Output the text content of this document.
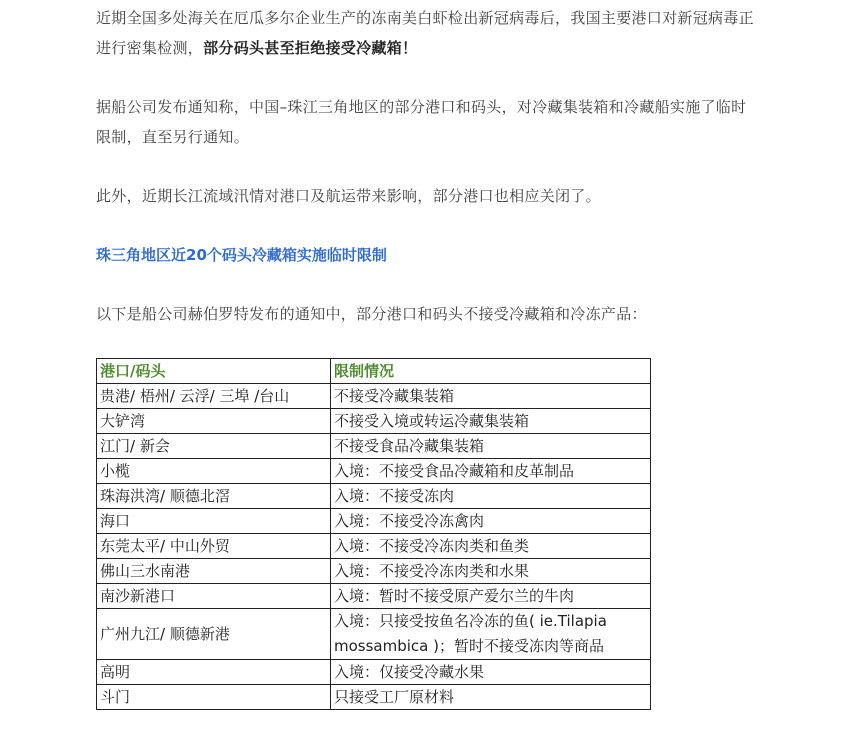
近期全国多处海关在厄瓜多尔企业生产的冻南美白虾检出新冠病毒后，我国主要港口对新冠病毒正进行密集检测，部分码头甚至拒绝接受冷藏箱！

据船公司发布通知称，中国–珠江三角地区的部分港口和码头，对冷藏集装箱和冷藏船实施了临时限制，直至另行通知。

此外，近期长江流域汛情对港口及航运带来影响，部分港口也相应关闭了。

珠三角地区近20个码头冷藏箱实施临时限制

以下是船公司赫伯罗特发布的通知中，部分港口和码头不接受冷藏箱和冷冻产品：

港口/码头	限制情况
贵港/ 梧州/ 云浮/ 三埠 /台山	不接受冷藏集装箱
大铲湾	不接受入境或转运冷藏集装箱
江门/ 新会	不接受食品冷藏集装箱
小榄	入境：不接受食品冷藏箱和皮革制品
珠海洪湾/ 顺德北滘	入境：不接受冻肉
海口	入境：不接受冷冻禽肉
东莞太平/ 中山外贸	入境：不接受冷冻肉类和鱼类
佛山三水南港	入境：不接受冷冻肉类和水果
南沙新港口	入境：暂时不接受原产爱尔兰的牛肉
广州九江/ 顺德新港	入境：只接受按鱼名冷冻的鱼( ie.Tilapia mossambica )；暂时不接受冻肉等商品
高明	入境：仅接受冷藏水果
斗门	只接受工厂原材料
